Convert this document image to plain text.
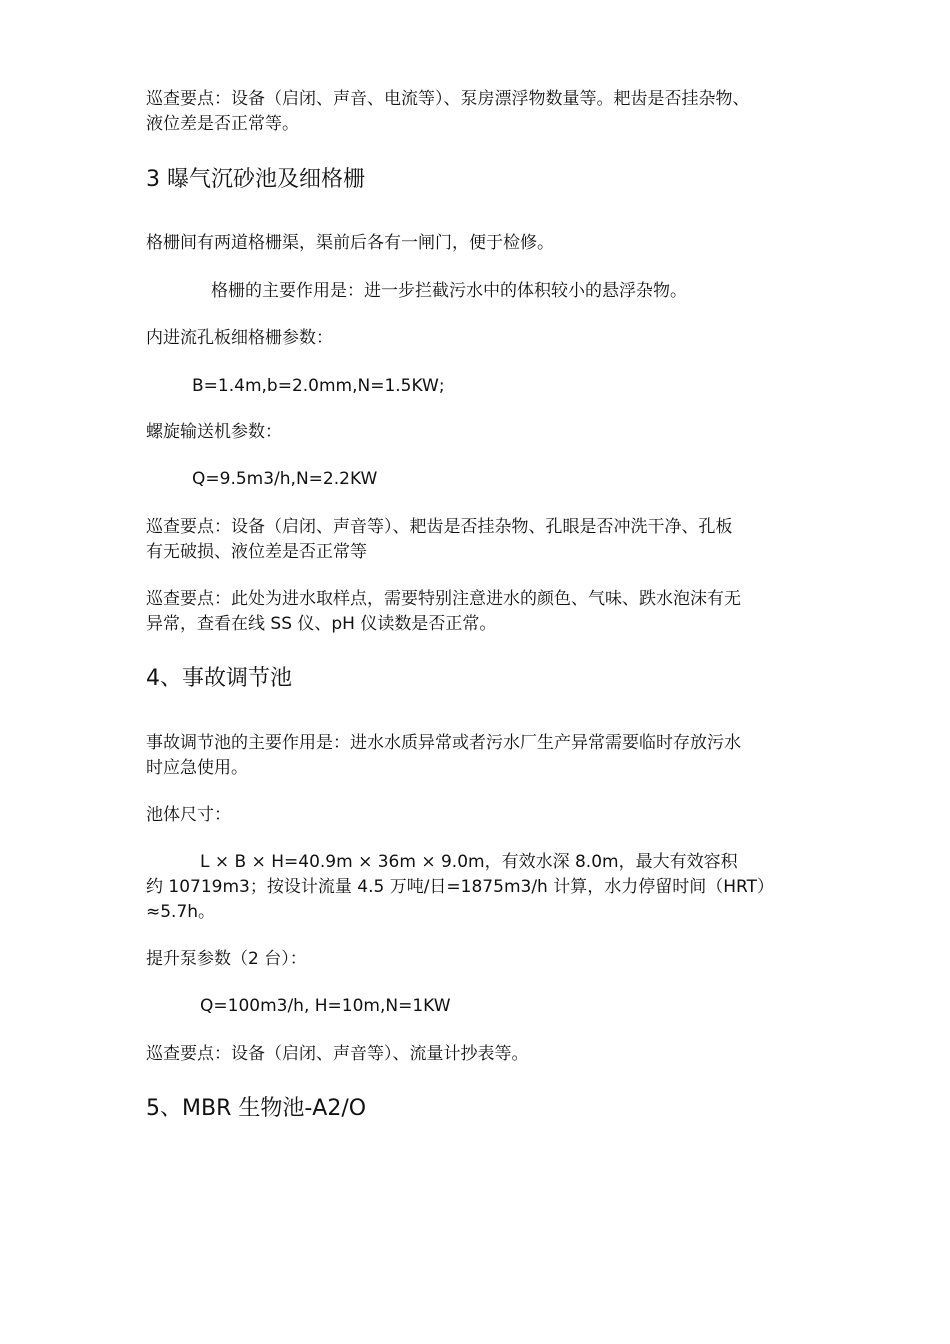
巡查要点：设备（启闭、声音、电流等）、泵房漂浮物数量等。耙齿是否挂杂物、

液位差是否正常等。

3 曝气沉砂池及细格栅

格栅间有两道格栅渠，渠前后各有一闸门，便于检修。

格栅的主要作用是：进一步拦截污水中的体积较小的悬浮杂物。

内进流孔板细格栅参数：

B=1.4m,b=2.0mm,N=1.5KW;

螺旋输送机参数：

Q=9.5m3/h,N=2.2KW

巡查要点：设备（启闭、声音等）、耙齿是否挂杂物、孔眼是否冲洗干净、孔板

有无破损、液位差是否正常等

巡查要点：此处为进水取样点，需要特别注意进水的颜色、气味、跌水泡沫有无

异常，查看在线 SS 仪、pH 仪读数是否正常。

4、事故调节池

事故调节池的主要作用是：进水水质异常或者污水厂生产异常需要临时存放污水

时应急使用。

池体尺寸：

L × B × H=40.9m × 36m × 9.0m，有效水深 8.0m，最大有效容积

约 10719m3；按设计流量 4.5 万吨/日=1875m3/h 计算，水力停留时间（HRT）

≈5.7h。

提升泵参数（2 台）：

Q=100m3/h, H=10m,N=1KW

巡查要点：设备（启闭、声音等）、流量计抄表等。

5、MBR 生物池-A2/O
